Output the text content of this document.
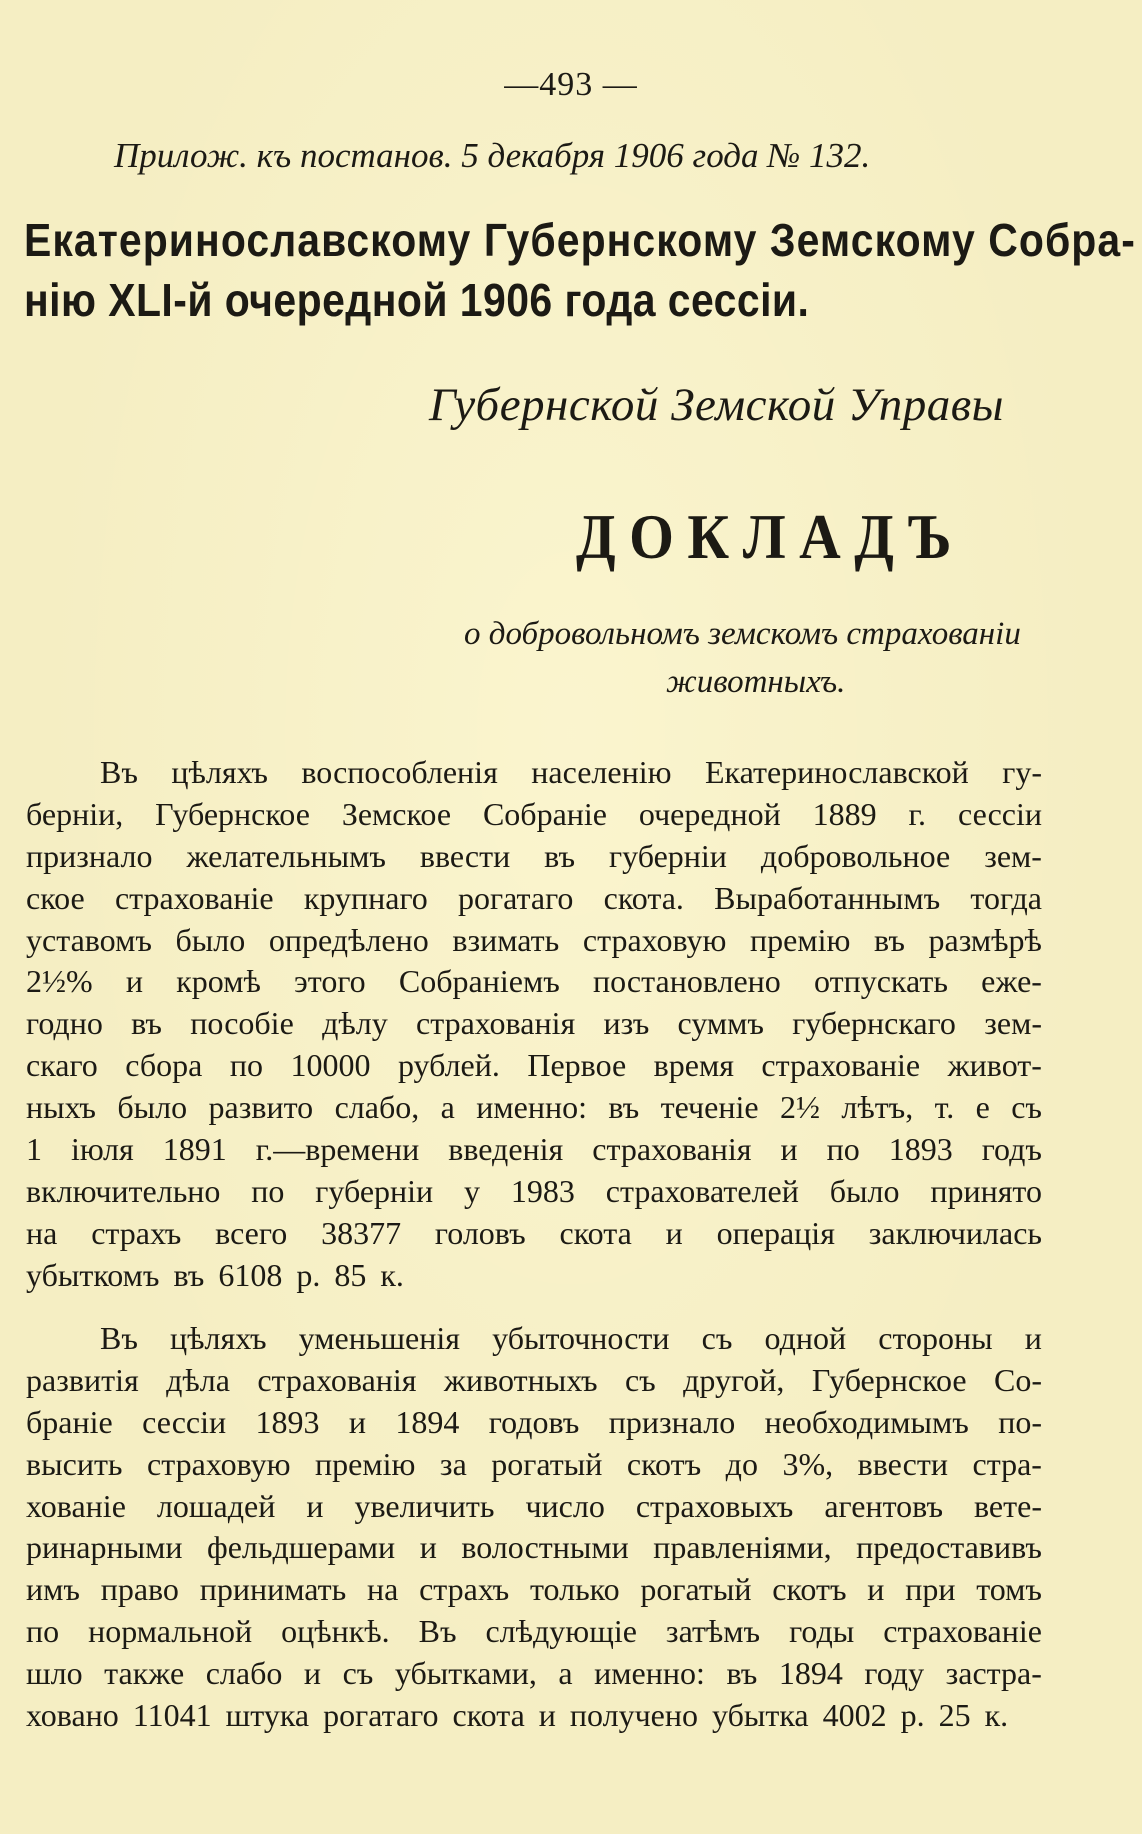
—493 —
Прилож. къ постанов. 5 декабря 1906 года № 132.
Екатеринославскому Губернскому Земскому Собра-
нію XLI-й очередной 1906 года сессіи.
Губернской Земской Управы
ДОКЛАДЪ
о добровольномъ земскомъ страхованіи
животныхъ.
Въ цѣляхъ воспособленія населенію Екатеринославской гу-
берніи, Губернское Земское Собраніе очередной 1889 г. сессіи
признало желательнымъ ввести въ губерніи добровольное зем-
ское страхованіе крупнаго рогатаго скота. Выработаннымъ тогда
уставомъ было опредѣлено взимать страховую премію въ размѣрѣ
2½% и кромѣ этого Собраніемъ постановлено отпускать еже-
годно въ пособіе дѣлу страхованія изъ суммъ губернскаго зем-
скаго сбора по 10000 рублей. Первое время страхованіе живот-
ныхъ было развито слабо, а именно: въ теченіе 2½ лѣтъ, т. е съ
1 іюля 1891 г.—времени введенія страхованія и по 1893 годъ
включительно по губерніи у 1983 страхователей было принято
на страхъ всего 38377 головъ скота и операція заключилась
убыткомъ въ 6108 р. 85 к.
Въ цѣляхъ уменьшенія убыточности съ одной стороны и
развитія дѣла страхованія животныхъ съ другой, Губернское Со-
браніе сессіи 1893 и 1894 годовъ признало необходимымъ по-
высить страховую премію за рогатый скотъ до 3%, ввести стра-
хованіе лошадей и увеличить число страховыхъ агентовъ вете-
ринарными фельдшерами и волостными правленіями, предоставивъ
имъ право принимать на страхъ только рогатый скотъ и при томъ
по нормальной оцѣнкѣ. Въ слѣдующіе затѣмъ годы страхованіе
шло также слабо и съ убытками, а именно: въ 1894 году застра-
ховано 11041 штука рогатаго скота и получено убытка 4002 р. 25 к.
